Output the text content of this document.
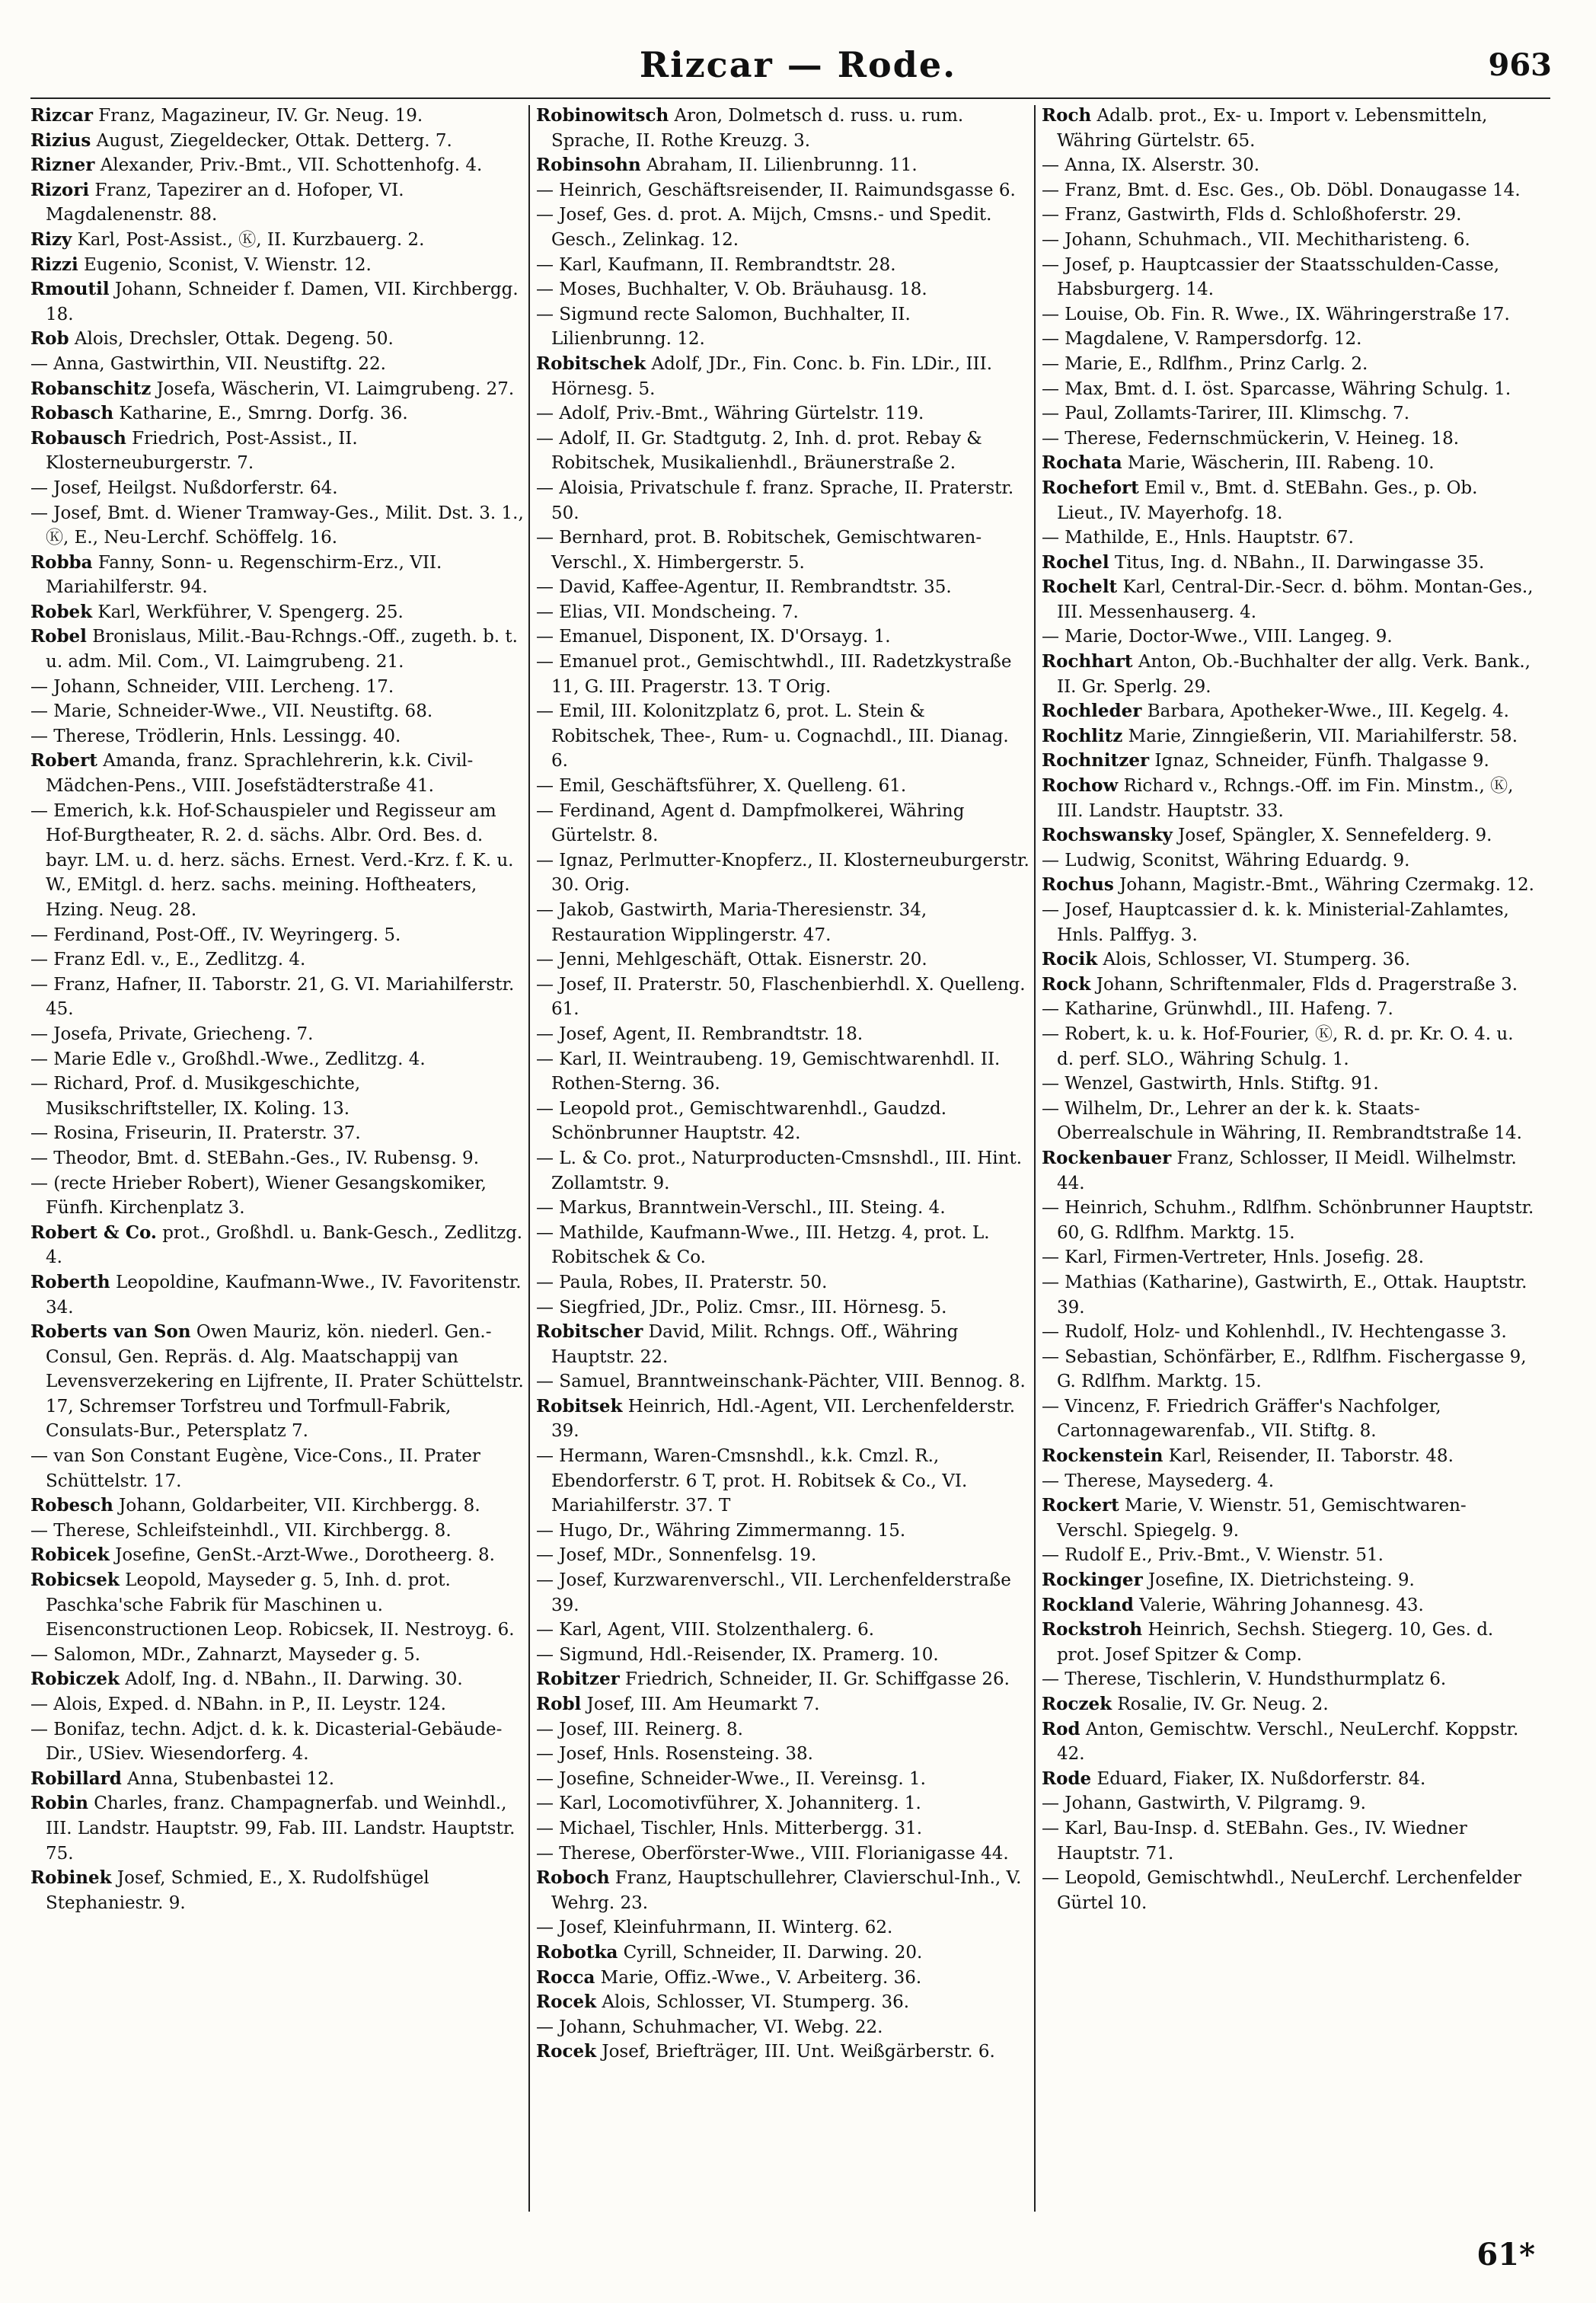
Rizcar — Rode.	963

Rizcar Franz, Magazineur, IV. Gr. Neug. 19.

Rizius August, Ziegeldecker, Ottak. Detterg. 7.

Rizner Alexander, Priv.-Bmt., VII. Schottenhofg. 4.

Rizori Franz, Tapezirer an d. Hofoper, VI. Magdalenenstr. 88.

Rizy Karl, Post-Assist., Ⓚ, II. Kurzbauerg. 2.

Rizzi Eugenio, Sconist, V. Wienstr. 12.

Rmoutil Johann, Schneider f. Damen, VII. Kirchbergg. 18.

Rob Alois, Drechsler, Ottak. Degeng. 50.

— Anna, Gastwirthin, VII. Neustiftg. 22.

Robanschitz Josefa, Wäscherin, VI. Laimgrubeng. 27.

Robasch Katharine, E., Smrng. Dorfg. 36.

Robausch Friedrich, Post-Assist., II. Klosterneuburgerstr. 7.

— Josef, Heilgst. Nußdorferstr. 64.

— Josef, Bmt. d. Wiener Tramway-Ges., Milit. Dst. 3. 1., Ⓚ, E., Neu-Lerchf. Schöffelg. 16.

Robba Fanny, Sonn- u. Regenschirm-Erz., VII. Mariahilferstr. 94.

Robek Karl, Werkführer, V. Spengerg. 25.

Robel Bronislaus, Milit.-Bau-Rchngs.-Off., zugeth. b. t. u. adm. Mil. Com., VI. Laimgrubeng. 21.

— Johann, Schneider, VIII. Lercheng. 17.

— Marie, Schneider-Wwe., VII. Neustiftg. 68.

— Therese, Trödlerin, Hnls. Lessingg. 40.

Robert Amanda, franz. Sprachlehrerin, k.k. Civil-Mädchen-Pens., VIII. Josefstädterstraße 41.

— Emerich, k.k. Hof-Schauspieler und Regisseur am Hof-Burgtheater, R. 2. d. sächs. Albr. Ord. Bes. d. bayr. LM. u. d. herz. sächs. Ernest. Verd.-Krz. f. K. u. W., EMitgl. d. herz. sachs. meining. Hoftheaters, Hzing. Neug. 28.

— Ferdinand, Post-Off., IV. Weyringerg. 5.

— Franz Edl. v., E., Zedlitzg. 4.

— Franz, Hafner, II. Taborstr. 21, G. VI. Mariahilferstr. 45.

— Josefa, Private, Griecheng. 7.

— Marie Edle v., Großhdl.-Wwe., Zedlitzg. 4.

— Richard, Prof. d. Musikgeschichte, Musikschriftsteller, IX. Koling. 13.

— Rosina, Friseurin, II. Praterstr. 37.

— Theodor, Bmt. d. StEBahn.-Ges., IV. Rubensg. 9.

— (recte Hrieber Robert), Wiener Gesangskomiker, Fünfh. Kirchenplatz 3.

Robert & Co. prot., Großhdl. u. Bank-Gesch., Zedlitzg. 4.

Roberth Leopoldine, Kaufmann-Wwe., IV. Favoritenstr. 34.

Roberts van Son Owen Mauriz, kön. niederl. Gen.-Consul, Gen. Repräs. d. Alg. Maatschappij van Levensverzekering en Lijfrente, II. Prater Schüttelstr. 17, Schremser Torfstreu und Torfmull-Fabrik, Consulats-Bur., Petersplatz 7.

— van Son Constant Eugène, Vice-Cons., II. Prater Schüttelstr. 17.

Robesch Johann, Goldarbeiter, VII. Kirchbergg. 8.

— Therese, Schleifsteinhdl., VII. Kirchbergg. 8.

Robicek Josefine, GenSt.-Arzt-Wwe., Dorotheerg. 8.

Robicsek Leopold, Mayseder g. 5, Inh. d. prot. Paschka'sche Fabrik für Maschinen u. Eisenconstructionen Leop. Robicsek, II. Nestroyg. 6.

— Salomon, MDr., Zahnarzt, Mayseder g. 5.

Robiczek Adolf, Ing. d. NBahn., II. Darwing. 30.

— Alois, Exped. d. NBahn. in P., II. Leystr. 124.

— Bonifaz, techn. Adjct. d. k. k. Dicasterial-Gebäude-Dir., USiev. Wiesendorferg. 4.

Robillard Anna, Stubenbastei 12.

Robin Charles, franz. Champagnerfab. und Weinhdl., III. Landstr. Hauptstr. 99, Fab. III. Landstr. Hauptstr. 75.

Robinek Josef, Schmied, E., X. Rudolfshügel Stephaniestr. 9.

Robinowitsch Aron, Dolmetsch d. russ. u. rum. Sprache, II. Rothe Kreuzg. 3.

Robinsohn Abraham, II. Lilienbrunng. 11.

— Heinrich, Geschäftsreisender, II. Raimundsgasse 6.

— Josef, Ges. d. prot. A. Mijch, Cmsns.- und Spedit. Gesch., Zelinkag. 12.

— Karl, Kaufmann, II. Rembrandtstr. 28.

— Moses, Buchhalter, V. Ob. Bräuhausg. 18.

— Sigmund recte Salomon, Buchhalter, II. Lilienbrunng. 12.

Robitschek Adolf, JDr., Fin. Conc. b. Fin. LDir., III. Hörnesg. 5.

— Adolf, Priv.-Bmt., Währing Gürtelstr. 119.

— Adolf, II. Gr. Stadtgutg. 2, Inh. d. prot. Rebay & Robitschek, Musikalienhdl., Bräunerstraße 2.

— Aloisia, Privatschule f. franz. Sprache, II. Praterstr. 50.

— Bernhard, prot. B. Robitschek, Gemischtwaren-Verschl., X. Himbergerstr. 5.

— David, Kaffee-Agentur, II. Rembrandtstr. 35.

— Elias, VII. Mondscheing. 7.

— Emanuel, Disponent, IX. D'Orsayg. 1.

— Emanuel prot., Gemischtwhdl., III. Radetzkystraße 11, G. III. Pragerstr. 13. T Orig.

— Emil, III. Kolonitzplatz 6, prot. L. Stein & Robitschek, Thee-, Rum- u. Cognachdl., III. Dianag. 6.

— Emil, Geschäftsführer, X. Quelleng. 61.

— Ferdinand, Agent d. Dampfmolkerei, Währing Gürtelstr. 8.

— Ignaz, Perlmutter-Knopferz., II. Klosterneuburgerstr. 30. Orig.

— Jakob, Gastwirth, Maria-Theresienstr. 34, Restauration Wipplingerstr. 47.

— Jenni, Mehlgeschäft, Ottak. Eisnerstr. 20.

— Josef, II. Praterstr. 50, Flaschenbierhdl. X. Quelleng. 61.

— Josef, Agent, II. Rembrandtstr. 18.

— Karl, II. Weintraubeng. 19, Gemischtwarenhdl. II. Rothen-Sterng. 36.

— Leopold prot., Gemischtwarenhdl., Gaudzd. Schönbrunner Hauptstr. 42.

— L. & Co. prot., Naturproducten-Cmsnshdl., III. Hint. Zollamtstr. 9.

— Markus, Branntwein-Verschl., III. Steing. 4.

— Mathilde, Kaufmann-Wwe., III. Hetzg. 4, prot. L. Robitschek & Co.

— Paula, Robes, II. Praterstr. 50.

— Siegfried, JDr., Poliz. Cmsr., III. Hörnesg. 5.

Robitscher David, Milit. Rchngs. Off., Währing Hauptstr. 22.

— Samuel, Branntweinschank-Pächter, VIII. Bennog. 8.

Robitsek Heinrich, Hdl.-Agent, VII. Lerchenfelderstr. 39.

— Hermann, Waren-Cmsnshdl., k.k. Cmzl. R., Ebendorferstr. 6 T, prot. H. Robitsek & Co., VI. Mariahilferstr. 37. T

— Hugo, Dr., Währing Zimmermanng. 15.

— Josef, MDr., Sonnenfelsg. 19.

— Josef, Kurzwarenverschl., VII. Lerchenfelderstraße 39.

— Karl, Agent, VIII. Stolzenthalerg. 6.

— Sigmund, Hdl.-Reisender, IX. Pramerg. 10.

Robitzer Friedrich, Schneider, II. Gr. Schiffgasse 26.

Robl Josef, III. Am Heumarkt 7.

— Josef, III. Reinerg. 8.

— Josef, Hnls. Rosensteing. 38.

— Josefine, Schneider-Wwe., II. Vereinsg. 1.

— Karl, Locomotivführer, X. Johanniterg. 1.

— Michael, Tischler, Hnls. Mitterbergg. 31.

— Therese, Oberförster-Wwe., VIII. Florianigasse 44.

Roboch Franz, Hauptschullehrer, Clavierschul-Inh., V. Wehrg. 23.

— Josef, Kleinfuhrmann, II. Winterg. 62.

Robotka Cyrill, Schneider, II. Darwing. 20.

Rocca Marie, Offiz.-Wwe., V. Arbeiterg. 36.

Rocek Alois, Schlosser, VI. Stumperg. 36.

— Johann, Schuhmacher, VI. Webg. 22.

Rocek Josef, Briefträger, III. Unt. Weißgärberstr. 6.

Roch Adalb. prot., Ex- u. Import v. Lebensmitteln, Währing Gürtelstr. 65.

— Anna, IX. Alserstr. 30.

— Franz, Bmt. d. Esc. Ges., Ob. Döbl. Donaugasse 14.

— Franz, Gastwirth, Flds d. Schloßhoferstr. 29.

— Johann, Schuhmach., VII. Mechitharisteng. 6.

— Josef, p. Hauptcassier der Staatsschulden-Casse, Habsburgerg. 14.

— Louise, Ob. Fin. R. Wwe., IX. Währingerstraße 17.

— Magdalene, V. Rampersdorfg. 12.

— Marie, E., Rdlfhm., Prinz Carlg. 2.

— Max, Bmt. d. I. öst. Sparcasse, Währing Schulg. 1.

— Paul, Zollamts-Tarirer, III. Klimschg. 7.

— Therese, Federnschmückerin, V. Heineg. 18.

Rochata Marie, Wäscherin, III. Rabeng. 10.

Rochefort Emil v., Bmt. d. StEBahn. Ges., p. Ob. Lieut., IV. Mayerhofg. 18.

— Mathilde, E., Hnls. Hauptstr. 67.

Rochel Titus, Ing. d. NBahn., II. Darwingasse 35.

Rochelt Karl, Central-Dir.-Secr. d. böhm. Montan-Ges., III. Messenhauserg. 4.

— Marie, Doctor-Wwe., VIII. Langeg. 9.

Rochhart Anton, Ob.-Buchhalter der allg. Verk. Bank., II. Gr. Sperlg. 29.

Rochleder Barbara, Apotheker-Wwe., III. Kegelg. 4.

Rochlitz Marie, Zinngießerin, VII. Mariahilferstr. 58.

Rochnitzer Ignaz, Schneider, Fünfh. Thalgasse 9.

Rochow Richard v., Rchngs.-Off. im Fin. Minstm., Ⓚ, III. Landstr. Hauptstr. 33.

Rochswansky Josef, Spängler, X. Sennefelderg. 9.

— Ludwig, Sconitst, Währing Eduardg. 9.

Rochus Johann, Magistr.-Bmt., Währing Czermakg. 12.

— Josef, Hauptcassier d. k. k. Ministerial-Zahlamtes, Hnls. Palffyg. 3.

Rocik Alois, Schlosser, VI. Stumperg. 36.

Rock Johann, Schriftenmaler, Flds d. Pragerstraße 3.

— Katharine, Grünwhdl., III. Hafeng. 7.

— Robert, k. u. k. Hof-Fourier, Ⓚ, R. d. pr. Kr. O. 4. u. d. perf. SLO., Währing Schulg. 1.

— Wenzel, Gastwirth, Hnls. Stiftg. 91.

— Wilhelm, Dr., Lehrer an der k. k. Staats-Oberrealschule in Währing, II. Rembrandtstraße 14.

Rockenbauer Franz, Schlosser, II Meidl. Wilhelmstr. 44.

— Heinrich, Schuhm., Rdlfhm. Schönbrunner Hauptstr. 60, G. Rdlfhm. Marktg. 15.

— Karl, Firmen-Vertreter, Hnls. Josefig. 28.

— Mathias (Katharine), Gastwirth, E., Ottak. Hauptstr. 39.

— Rudolf, Holz- und Kohlenhdl., IV. Hechtengasse 3.

— Sebastian, Schönfärber, E., Rdlfhm. Fischergasse 9, G. Rdlfhm. Marktg. 15.

— Vincenz, F. Friedrich Gräffer's Nachfolger, Cartonnagewarenfab., VII. Stiftg. 8.

Rockenstein Karl, Reisender, II. Taborstr. 48.

— Therese, Maysederg. 4.

Rockert Marie, V. Wienstr. 51, Gemischtwaren-Verschl. Spiegelg. 9.

— Rudolf E., Priv.-Bmt., V. Wienstr. 51.

Rockinger Josefine, IX. Dietrichsteing. 9.

Rockland Valerie, Währing Johannesg. 43.

Rockstroh Heinrich, Sechsh. Stiegerg. 10, Ges. d. prot. Josef Spitzer & Comp.

— Therese, Tischlerin, V. Hundsthurmplatz 6.

Roczek Rosalie, IV. Gr. Neug. 2.

Rod Anton, Gemischtw. Verschl., NeuLerchf. Koppstr. 42.

Rode Eduard, Fiaker, IX. Nußdorferstr. 84.

— Johann, Gastwirth, V. Pilgramg. 9.

— Karl, Bau-Insp. d. StEBahn. Ges., IV. Wiedner Hauptstr. 71.

— Leopold, Gemischtwhdl., NeuLerchf. Lerchenfelder Gürtel 10.

61*
